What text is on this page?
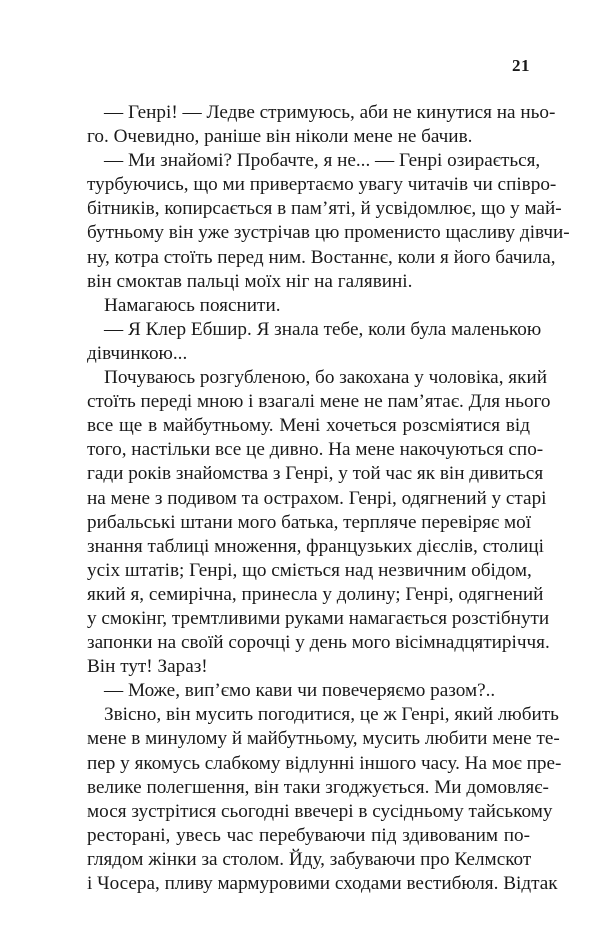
21

— Генрі! — Ледве стримуюсь, аби не кинутися на ньо-
го. Очевидно, раніше він ніколи мене не бачив.

— Ми знайомі? Пробачте, я не... — Генрі озирається,
турбуючись, що ми привертаємо увагу читачів чи співро-
бітників, копирсається в пам’яті, й усвідомлює, що у май-
бутньому він уже зустрічав цю променисто щасливу дівчи-
ну, котра стоїть перед ним. Востаннє, коли я його бачила,
він смоктав пальці моїх ніг на галявині.

Намагаюсь пояснити.

— Я Клер Ебшир. Я знала тебе, коли була маленькою
дівчинкою...

Почуваюсь розгубленою, бо закохана у чоловіка, який
стоїть переді мною і взагалі мене не пам’ятає. Для нього
все ще в майбутньому. Мені хочеться розсміятися від
того, настільки все це дивно. На мене накочуються спо-
гади років знайомства з Генрі, у той час як він дивиться
на мене з подивом та острахом. Генрі, одягнений у старі
рибальські штани мого батька, терпляче перевіряє мої
знання таблиці множення, французьких дієслів, столиці
усіх штатів; Генрі, що сміється над незвичним обідом,
який я, семирічна, принесла у долину; Генрі, одягнений
у смокінг, тремтливими руками намагається розстібнути
запонки на своїй сорочці у день мого вісімнадцятиріччя.
Він тут! Зараз!

— Може, вип’ємо кави чи повечеряємо разом?..

Звісно, він мусить погодитися, це ж Генрі, який любить
мене в минулому й майбутньому, мусить любити мене те-
пер у якомусь слабкому відлунні іншого часу. На моє пре-
велике полегшення, він таки згоджується. Ми домовляє-
мося зустрітися сьогодні ввечері в сусідньому тайському
ресторані, увесь час перебуваючи під здивованим по-
глядом жінки за столом. Йду, забуваючи про Келмскот
і Чосера, пливу мармуровими сходами вестибюля. Відтак
